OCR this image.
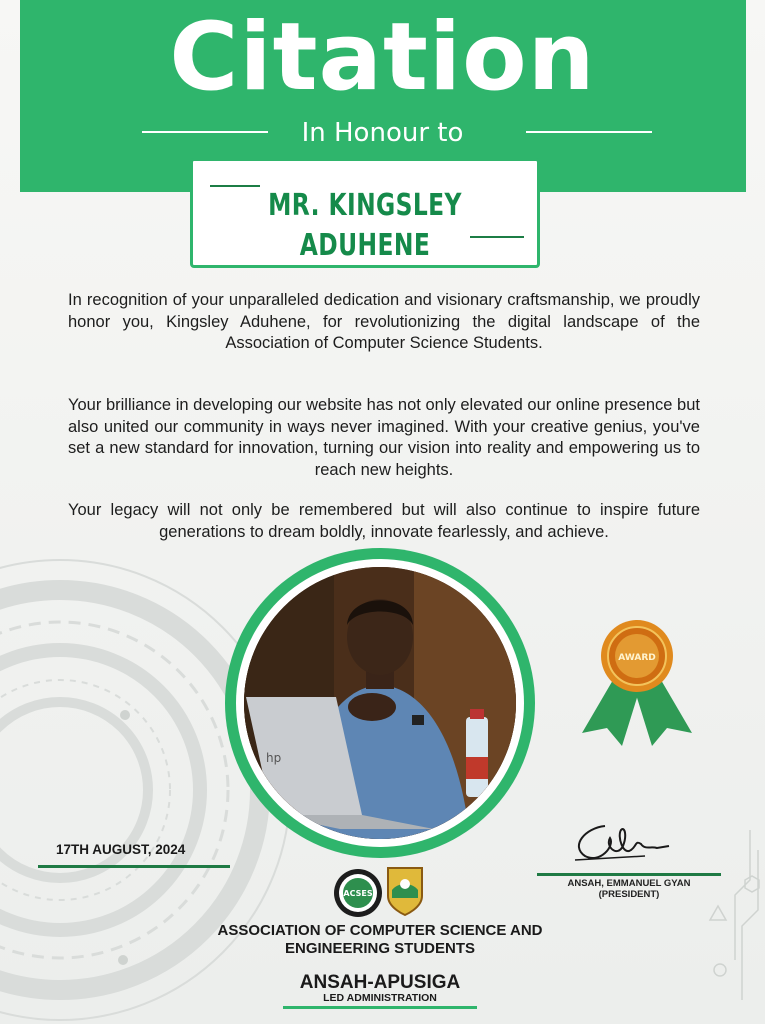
Citation
In Honour to
MR. KINGSLEY ADUHENE

In recognition of your unparalleled dedication and visionary craftsmanship, we proudly honor you, Kingsley Aduhene, for revolutionizing the digital landscape of the Association of Computer Science Students.

Your brilliance in developing our website has not only elevated our online presence but also united our community in ways never imagined. With your creative genius, you've set a new standard for innovation, turning our vision into reality and empowering us to reach new heights.

Your legacy will not only be remembered but will also continue to inspire future generations to dream boldly, innovate fearlessly, and achieve.

hp
AWARD
17TH AUGUST, 2024
ANSAH, EMMANUEL GYAN
(PRESIDENT)
ACSES
ASSOCIATION OF COMPUTER SCIENCE AND ENGINEERING STUDENTS
ANSAH-APUSIGA
LED ADMINISTRATION
